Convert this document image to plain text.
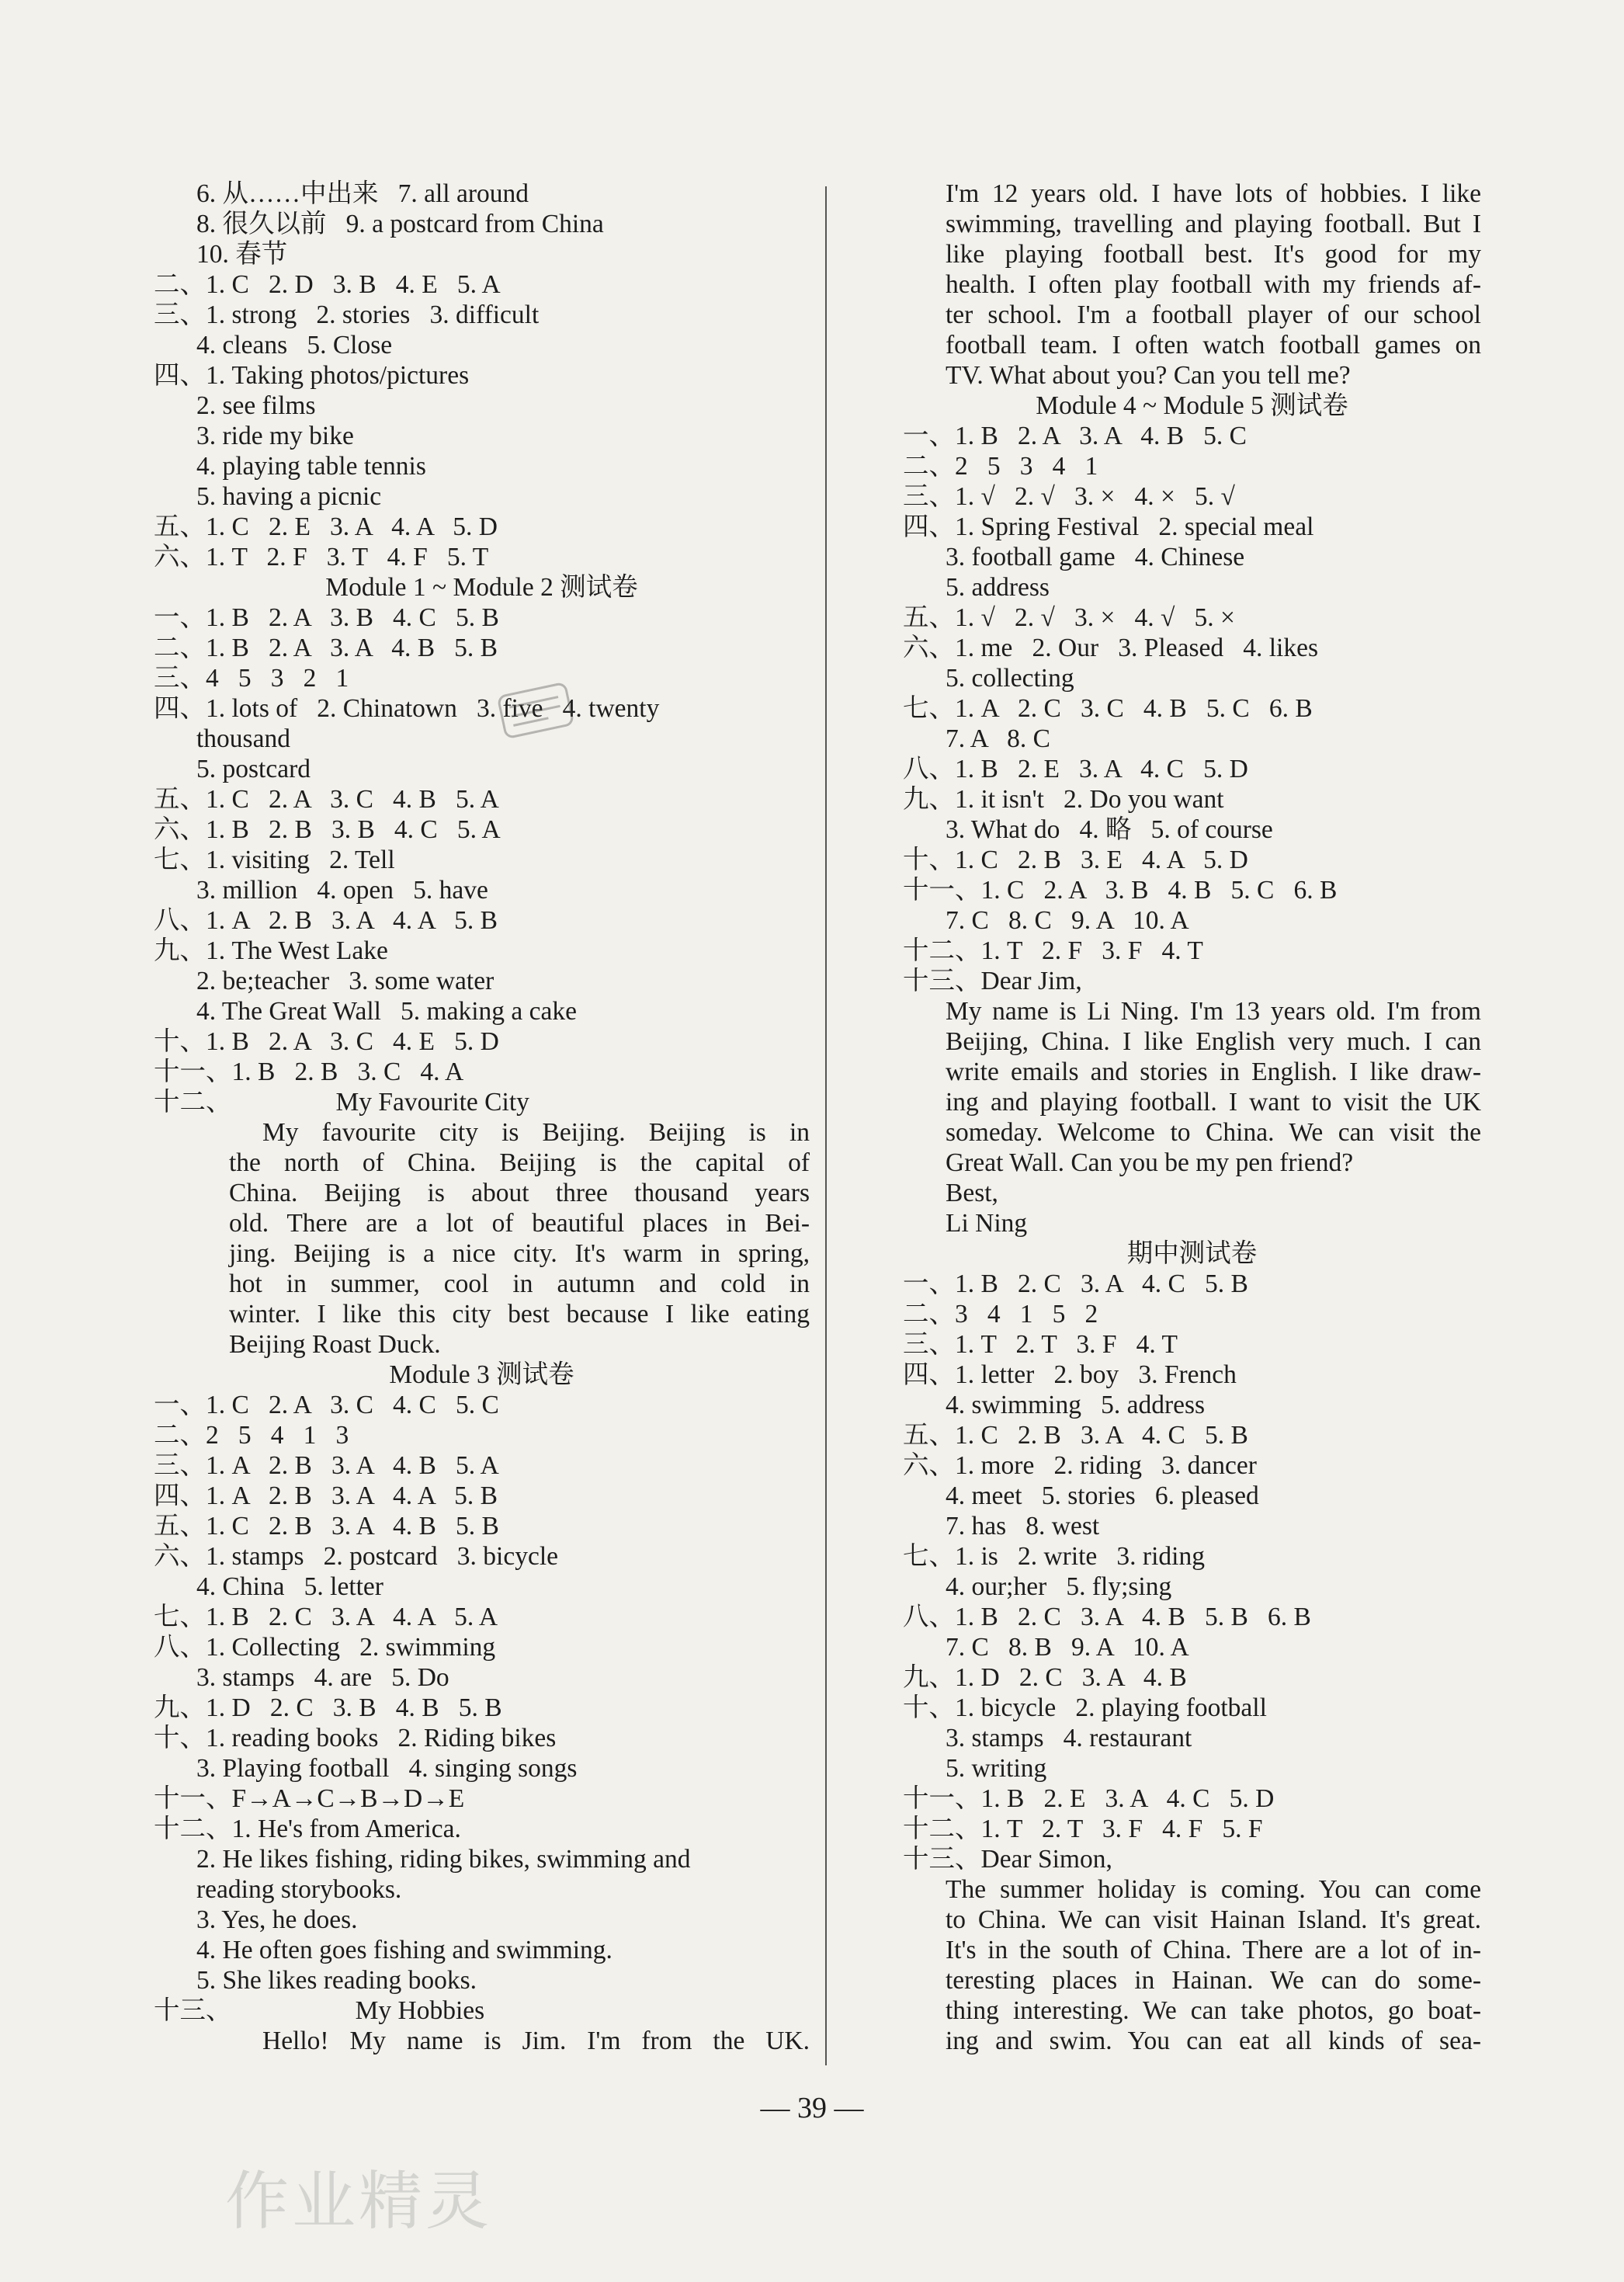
6. 从……中出来   7. all around
8. 很久以前   9. a postcard from China
10. 春节
二、1. C   2. D   3. B   4. E   5. A
三、1. strong   2. stories   3. difficult
4. cleans   5. Close
四、1. Taking photos/pictures
2. see films
3. ride my bike
4. playing table tennis
5. having a picnic
五、1. C   2. E   3. A   4. A   5. D
六、1. T   2. F   3. T   4. F   5. T
Module 1 ~ Module 2 测试卷
一、1. B   2. A   3. B   4. C   5. B
二、1. B   2. A   3. A   4. B   5. B
三、4   5   3   2   1
四、1. lots of   2. Chinatown   3. five   4. twenty
thousand
5. postcard
五、1. C   2. A   3. C   4. B   5. A
六、1. B   2. B   3. B   4. C   5. A
七、1. visiting   2. Tell
3. million   4. open   5. have
八、1. A   2. B   3. A   4. A   5. B
九、1. The West Lake
2. be;teacher   3. some water
4. The Great Wall   5. making a cake
十、1. B   2. A   3. C   4. E   5. D
十一、1. B   2. B   3. C   4. A
十二、                My Favourite City
My favourite city is Beijing. Beijing is in
the north of China. Beijing is the capital of
China. Beijing is about three thousand years
old. There are a lot of beautiful places in Bei-
jing. Beijing is a nice city. It's warm in spring,
hot in summer, cool in autumn and cold in
winter. I like this city best because I like eating
Beijing Roast Duck.
Module 3 测试卷
一、1. C   2. A   3. C   4. C   5. C
二、2   5   4   1   3
三、1. A   2. B   3. A   4. B   5. A
四、1. A   2. B   3. A   4. A   5. B
五、1. C   2. B   3. A   4. B   5. B
六、1. stamps   2. postcard   3. bicycle
4. China   5. letter
七、1. B   2. C   3. A   4. A   5. A
八、1. Collecting   2. swimming
3. stamps   4. are   5. Do
九、1. D   2. C   3. B   4. B   5. B
十、1. reading books   2. Riding bikes
3. Playing football   4. singing songs
十一、F→A→C→B→D→E
十二、1. He's from America.
2. He likes fishing, riding bikes, swimming and
reading storybooks.
3. Yes, he does.
4. He often goes fishing and swimming.
5. She likes reading books.
十三、                   My Hobbies
Hello! My name is Jim. I'm from the UK.
I'm 12 years old. I have lots of hobbies. I like
swimming, travelling and playing football. But I
like playing football best. It's good for my
health. I often play football with my friends af-
ter school. I'm a football player of our school
football team. I often watch football games on
TV. What about you? Can you tell me?
Module 4 ~ Module 5 测试卷
一、1. B   2. A   3. A   4. B   5. C
二、2   5   3   4   1
三、1. √   2. √   3. ×   4. ×   5. √
四、1. Spring Festival   2. special meal
3. football game   4. Chinese
5. address
五、1. √   2. √   3. ×   4. √   5. ×
六、1. me   2. Our   3. Pleased   4. likes
5. collecting
七、1. A   2. C   3. C   4. B   5. C   6. B
7. A   8. C
八、1. B   2. E   3. A   4. C   5. D
九、1. it isn't   2. Do you want
3. What do   4. 略   5. of course
十、1. C   2. B   3. E   4. A   5. D
十一、1. C   2. A   3. B   4. B   5. C   6. B
7. C   8. C   9. A   10. A
十二、1. T   2. F   3. F   4. T
十三、Dear Jim,
My name is Li Ning. I'm 13 years old. I'm from
Beijing, China. I like English very much. I can
write emails and stories in English. I like draw-
ing and playing football. I want to visit the UK
someday. Welcome to China. We can visit the
Great Wall. Can you be my pen friend?
Best,
Li Ning
期中测试卷
一、1. B   2. C   3. A   4. C   5. B
二、3   4   1   5   2
三、1. T   2. T   3. F   4. T
四、1. letter   2. boy   3. French
4. swimming   5. address
五、1. C   2. B   3. A   4. C   5. B
六、1. more   2. riding   3. dancer
4. meet   5. stories   6. pleased
7. has   8. west
七、1. is   2. write   3. riding
4. our;her   5. fly;sing
八、1. B   2. C   3. A   4. B   5. B   6. B
7. C   8. B   9. A   10. A
九、1. D   2. C   3. A   4. B
十、1. bicycle   2. playing football
3. stamps   4. restaurant
5. writing
十一、1. B   2. E   3. A   4. C   5. D
十二、1. T   2. T   3. F   4. F   5. F
十三、Dear Simon,
The summer holiday is coming. You can come
to China. We can visit Hainan Island. It's great.
It's in the south of China. There are a lot of in-
teresting places in Hainan. We can do some-
thing interesting. We can take photos, go boat-
ing and swim. You can eat all kinds of sea-
— 39 —
作业精灵
